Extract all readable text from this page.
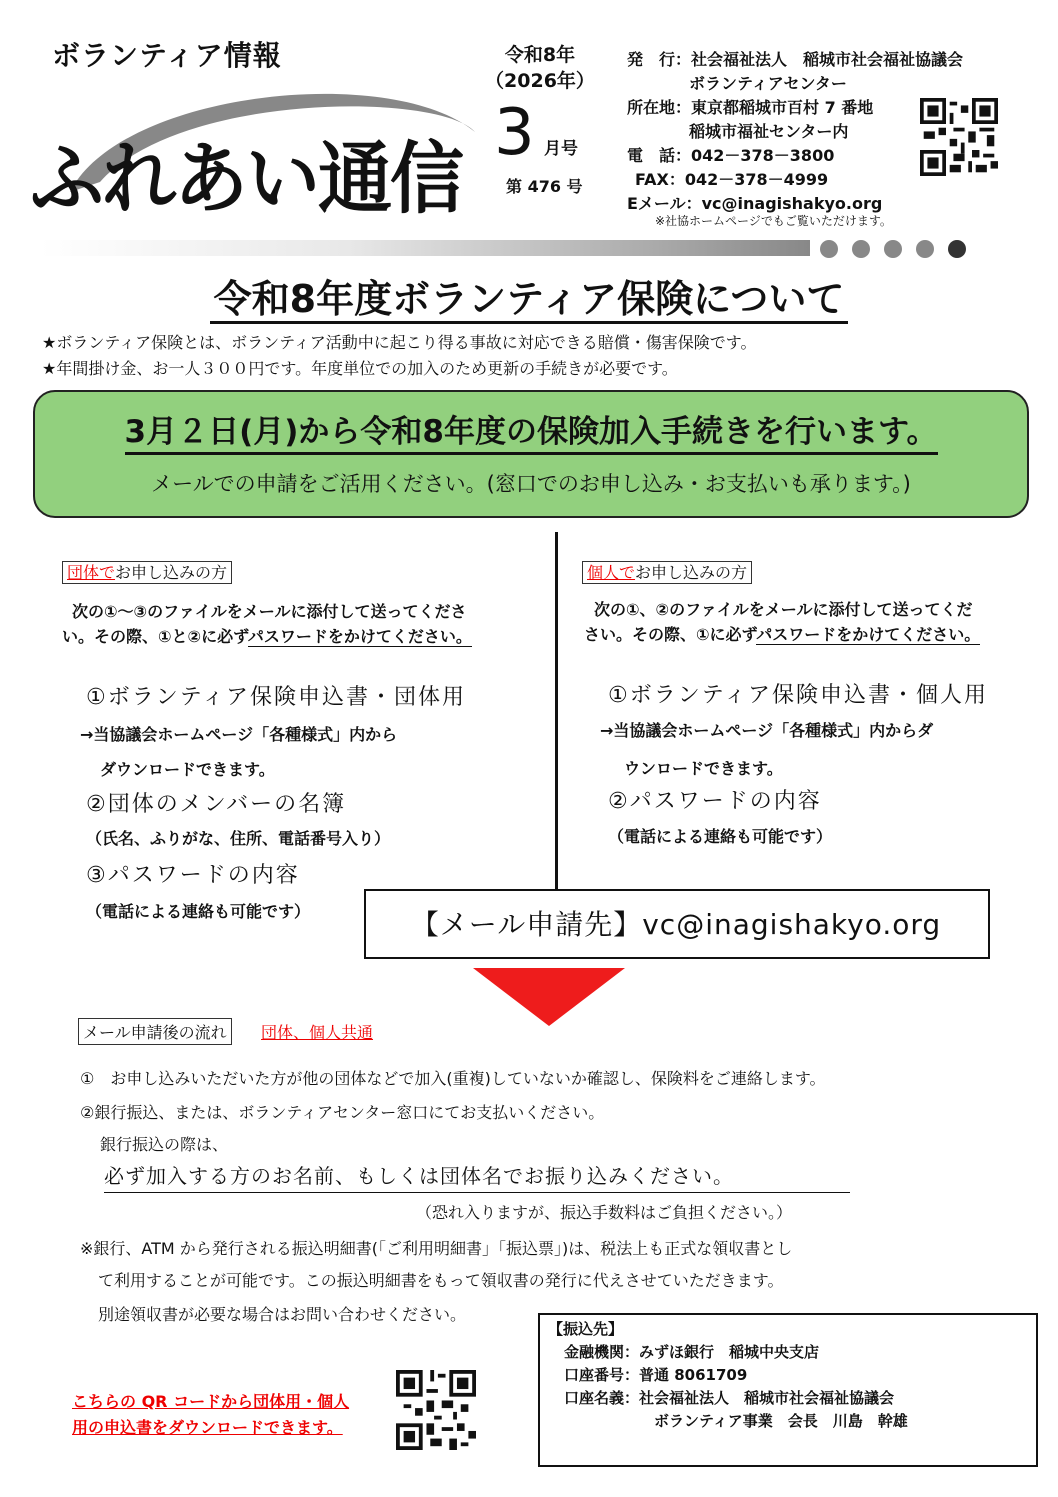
ボランティア情報
ふれあい通信
令和8年
（2026年）
3 月号
第 476 号
発　行：社会福祉法人　稲城市社会福祉協議会
ボランティアセンター
所在地：東京都稲城市百村 7 番地
稲城市福祉センター内
電　話：042－378－3800
FAX：042－378－4999
Eメール：vc@inagishakyo.org
※社協ホームページでもご覧いただけます。
令和8年度ボランティア保険について
★ボランティア保険とは、ボランティア活動中に起こり得る事故に対応できる賠償・傷害保険です。
★年間掛け金、お一人３００円です。年度単位での加入のため更新の手続きが必要です。
3月２日(月)から令和8年度の保険加入手続きを行います。
メールでの申請をご活用ください。(窓口でのお申し込み・お支払いも承ります。)
団体でお申し込みの方
次の①～③のファイルをメールに添付して送ってくださ
い。その際、①と②に必ずパスワードをかけてください。
①ボランティア保険申込書・団体用
→当協議会ホームページ「各種様式」内から
ダウンロードできます。
②団体のメンバーの名簿
（氏名、ふりがな、住所、電話番号入り）
③パスワードの内容
（電話による連絡も可能です）
個人でお申し込みの方
次の①、②のファイルをメールに添付して送ってくだ
さい。その際、①に必ずパスワードをかけてください。
①ボランティア保険申込書・個人用
→当協議会ホームページ「各種様式」内からダ
ウンロードできます。
②パスワードの内容
（電話による連絡も可能です）
【メール申請先】vc@inagishakyo.org
メール申請後の流れ	団体、個人共通
①　お申し込みいただいた方が他の団体などで加入(重複)していないか確認し、保険料をご連絡します。
②銀行振込、または、ボランティアセンター窓口にてお支払いください。
銀行振込の際は、
必ず加入する方のお名前、もしくは団体名でお振り込みください。
（恐れ入りますが、振込手数料はご負担ください。）
※銀行、ATM から発行される振込明細書(「ご利用明細書」「振込票」)は、税法上も正式な領収書とし
て利用することが可能です。この振込明細書をもって領収書の発行に代えさせていただきます。
別途領収書が必要な場合はお問い合わせください。
【振込先】
金融機関：みずほ銀行　稲城中央支店
口座番号：普通 8061709
口座名義：社会福祉法人　稲城市社会福祉協議会
ボランティア事業　会長　川島　幹雄
こちらの QR コードから団体用・個人
用の申込書をダウンロードできます。
